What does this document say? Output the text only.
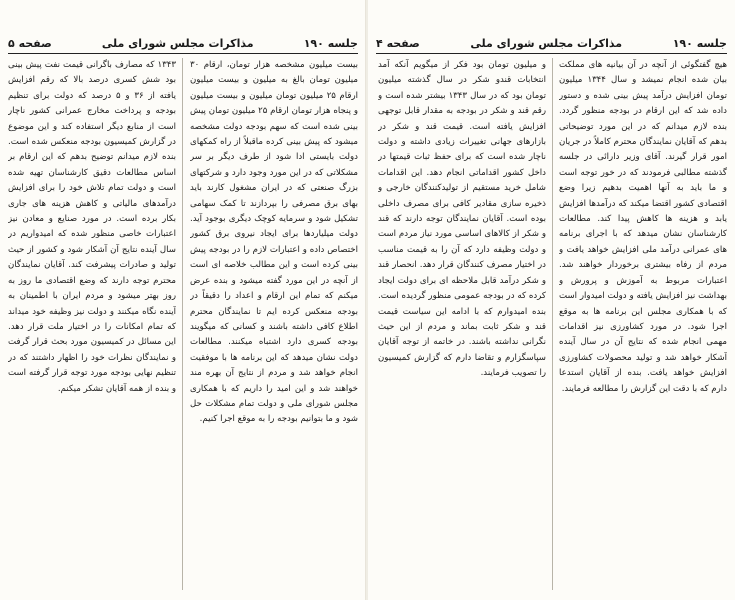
جلسه ۱۹۰
مذاکرات مجلس شورای ملی
صفحه ۵

بیست میلیون مشخصه هزار تومان، ارقام ۳۰ میلیون تومان بالغ به میلیون و بیست میلیون ارقام ۲۵ میلیون تومان میلیون و بیست میلیون و پنجاه هزار تومان ارقام ۲۵ میلیون تومان پیش بینی شده است که سهم بودجه دولت مشخصه میشود که پیش بینی کرده ماقبلاً از راه کمکهای دولت بایستی ادا شود از طرف دیگر بر سر مشکلاتی که در این مورد وجود دارد و شرکتهای بزرگ صنعتی که در ایران مشغول کارند باید بهای برق مصرفی را بپردازند تا کمک سهامی تشکیل شود و سرمایه کوچک دیگری بوجود آید. دولت میلیاردها برای ایجاد نیروی برق کشور اختصاص داده و اعتبارات لازم را در بودجه پیش بینی کرده است و این مطالب خلاصه ای است از آنچه در این مورد گفته میشود و بنده عرض میکنم که تمام این ارقام و اعداد را دقیقاً در بودجه منعکس کرده ایم تا نمایندگان محترم اطلاع کافی داشته باشند و کسانی که میگویند بودجه کسری دارد اشتباه میکنند. مطالعات دولت نشان میدهد که این برنامه ها با موفقیت انجام خواهد شد و مردم از نتایج آن بهره مند خواهند شد و این امید را داریم که با همکاری مجلس شورای ملی و دولت تمام مشکلات حل شود و ما بتوانیم بودجه را به موقع اجرا کنیم.

۱۳۴۳ که مصارف باگرانی قیمت نفت پیش بینی بود شش کسری درصد بالا که رقم افزایش یافته از ۳۶ و ۵ درصد که دولت برای تنظیم بودجه و پرداخت مخارج عمرانی کشور ناچار است از منابع دیگر استفاده کند و این موضوع در گزارش کمیسیون بودجه منعکس شده است. بنده لازم میدانم توضیح بدهم که این ارقام بر اساس مطالعات دقیق کارشناسان تهیه شده است و دولت تمام تلاش خود را برای افزایش درآمدهای مالیاتی و کاهش هزینه های جاری بکار برده است. در مورد صنایع و معادن نیز اعتبارات خاصی منظور شده که امیدواریم در سال آینده نتایج آن آشکار شود و کشور از حیث تولید و صادرات پیشرفت کند. آقایان نمایندگان محترم توجه دارند که وضع اقتصادی ما روز به روز بهتر میشود و مردم ایران با اطمینان به آینده نگاه میکنند و دولت نیز وظیفه خود میداند که تمام امکانات را در اختیار ملت قرار دهد. این مسائل در کمیسیون مورد بحث قرار گرفت و نمایندگان نظرات خود را اظهار داشتند که در تنظیم نهایی بودجه مورد توجه قرار گرفته است و بنده از همه آقایان تشکر میکنم.

جلسه ۱۹۰
مذاکرات مجلس شورای ملی
صفحه ۴

هیچ گفتگوئی از آنچه در آن بیانیه های مملکت بیان شده انجام نمیشد و سال ۱۳۴۴ میلیون تومان افزایش درآمد پیش بینی شده و دستور داده شد که این ارقام در بودجه منظور گردد. بنده لازم میدانم که در این مورد توضیحاتی بدهم که آقایان نمایندگان محترم کاملاً در جریان امور قرار گیرند. آقای وزیر دارائی در جلسه گذشته مطالبی فرمودند که در خور توجه است و ما باید به آنها اهمیت بدهیم زیرا وضع اقتصادی کشور اقتضا میکند که درآمدها افزایش یابد و هزینه ها کاهش پیدا کند. مطالعات کارشناسان نشان میدهد که با اجرای برنامه های عمرانی درآمد ملی افزایش خواهد یافت و مردم از رفاه بیشتری برخوردار خواهند شد. اعتبارات مربوط به آموزش و پرورش و بهداشت نیز افزایش یافته و دولت امیدوار است که با همکاری مجلس این برنامه ها به موقع اجرا شود. در مورد کشاورزی نیز اقدامات مهمی انجام شده که نتایج آن در سال آینده آشکار خواهد شد و تولید محصولات کشاورزی افزایش خواهد یافت. بنده از آقایان استدعا دارم که با دقت این گزارش را مطالعه فرمایند.

و میلیون تومان بود فکر از میگویم آنکه آمد انتخابات قندو شکر در سال گذشته میلیون تومان بود که در سال ۱۳۴۳ بیشتر شده است و رقم قند و شکر در بودجه به مقدار قابل توجهی افزایش یافته است. قیمت قند و شکر در بازارهای جهانی تغییرات زیادی داشته و دولت ناچار شده است که برای حفظ ثبات قیمتها در داخل کشور اقداماتی انجام دهد. این اقدامات شامل خرید مستقیم از تولیدکنندگان خارجی و ذخیره سازی مقادیر کافی برای مصرف داخلی بوده است. آقایان نمایندگان توجه دارند که قند و شکر از کالاهای اساسی مورد نیاز مردم است و دولت وظیفه دارد که آن را به قیمت مناسب در اختیار مصرف کنندگان قرار دهد. انحصار قند و شکر درآمد قابل ملاحظه ای برای دولت ایجاد کرده که در بودجه عمومی منظور گردیده است. بنده امیدوارم که با ادامه این سیاست قیمت قند و شکر ثابت بماند و مردم از این حیث نگرانی نداشته باشند. در خاتمه از توجه آقایان سپاسگزارم و تقاضا دارم که گزارش کمیسیون را تصویب فرمایند.
